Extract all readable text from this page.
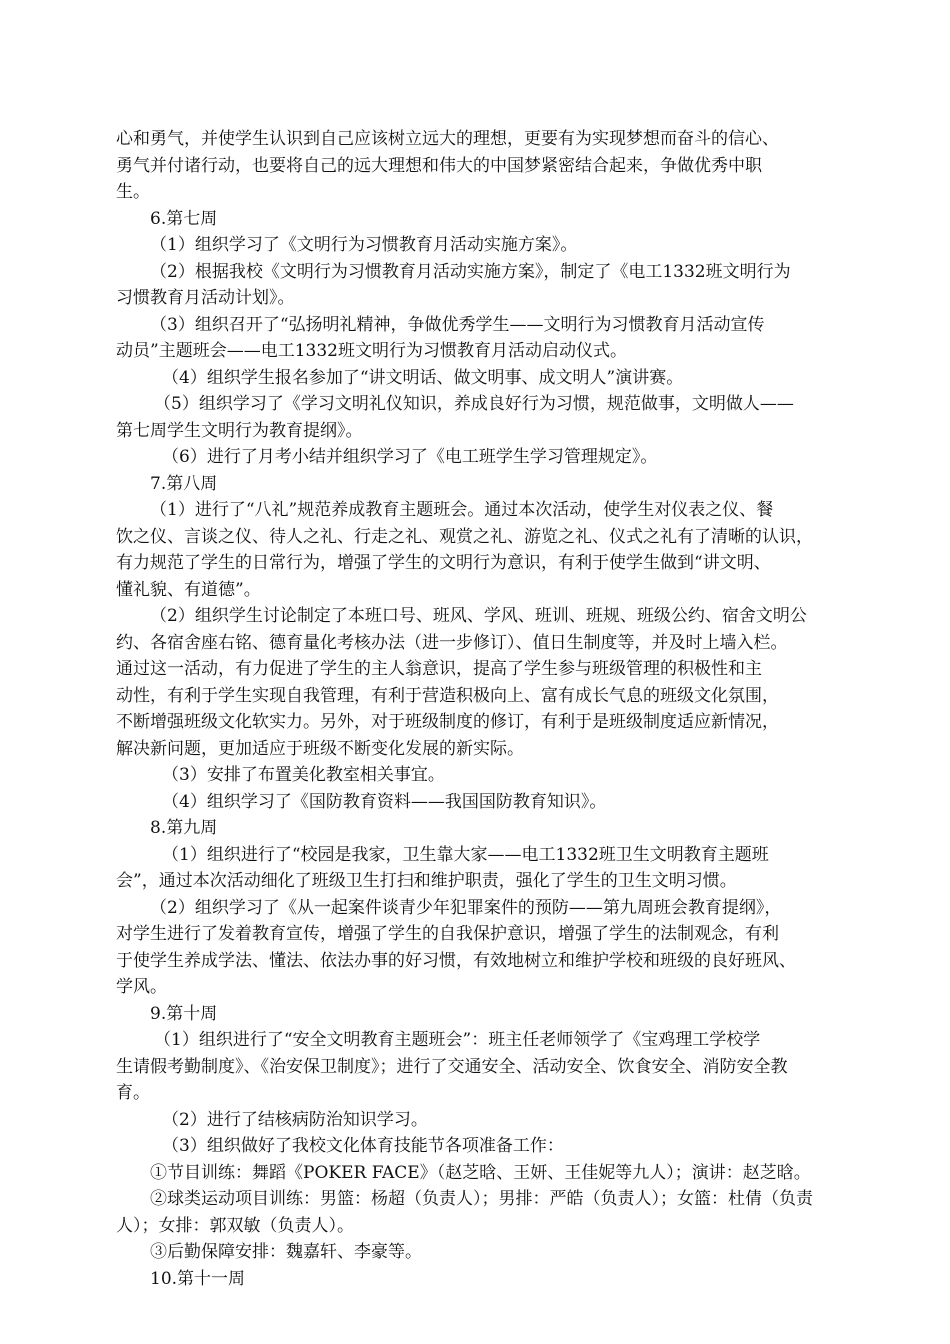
心和勇气，并使学生认识到自己应该树立远大的理想，更要有为实现梦想而奋斗的信心、

勇气并付诸行动，也要将自己的远大理想和伟大的中国梦紧密结合起来，争做优秀中职

生。

6.第七周

（1）组织学习了《文明行为习惯教育月活动实施方案》。

（2）根据我校《文明行为习惯教育月活动实施方案》，制定了《电工1332班文明行为

习惯教育月活动计划》。

（3）组织召开了“弘扬明礼精神，争做优秀学生——文明行为习惯教育月活动宣传

动员”主题班会——电工1332班文明行为习惯教育月活动启动仪式。

（4）组织学生报名参加了“讲文明话、做文明事、成文明人”演讲赛。

（5）组织学习了《学习文明礼仪知识，养成良好行为习惯，规范做事，文明做人——

第七周学生文明行为教育提纲》。

（6）进行了月考小结并组织学习了《电工班学生学习管理规定》。

7.第八周

（1）进行了“八礼”规范养成教育主题班会。通过本次活动，使学生对仪表之仪、餐

饮之仪、言谈之仪、待人之礼、行走之礼、观赏之礼、游览之礼、仪式之礼有了清晰的认识，

有力规范了学生的日常行为，增强了学生的文明行为意识，有利于使学生做到“讲文明、

懂礼貌、有道德”。

（2）组织学生讨论制定了本班口号、班风、学风、班训、班规、班级公约、宿舍文明公

约、各宿舍座右铭、德育量化考核办法（进一步修订）、值日生制度等，并及时上墙入栏。

通过这一活动，有力促进了学生的主人翁意识，提高了学生参与班级管理的积极性和主

动性，有利于学生实现自我管理，有利于营造积极向上、富有成长气息的班级文化氛围，

不断增强班级文化软实力。另外，对于班级制度的修订，有利于是班级制度适应新情况，

解决新问题，更加适应于班级不断变化发展的新实际。

（3）安排了布置美化教室相关事宜。

（4）组织学习了《国防教育资料——我国国防教育知识》。

8.第九周

（1）组织进行了“校园是我家，卫生靠大家——电工1332班卫生文明教育主题班

会”，通过本次活动细化了班级卫生打扫和维护职责，强化了学生的卫生文明习惯。

（2）组织学习了《从一起案件谈青少年犯罪案件的预防——第九周班会教育提纲》，

对学生进行了发着教育宣传，增强了学生的自我保护意识，增强了学生的法制观念，有利

于使学生养成学法、懂法、依法办事的好习惯，有效地树立和维护学校和班级的良好班风、

学风。

9.第十周

（1）组织进行了“安全文明教育主题班会”：班主任老师领学了《宝鸡理工学校学

生请假考勤制度》、《治安保卫制度》；进行了交通安全、活动安全、饮食安全、消防安全教

育。

（2）进行了结核病防治知识学习。

（3）组织做好了我校文化体育技能节各项准备工作：

①节目训练：舞蹈《POKER FACE》（赵芝晗、王妍、王佳妮等九人）；演讲：赵芝晗。

②球类运动项目训练：男篮：杨超（负责人）；男排：严皓（负责人）；女篮：杜倩（负责

人）；女排：郭双敏（负责人）。

③后勤保障安排：魏嘉轩、李豪等。

10.第十一周
